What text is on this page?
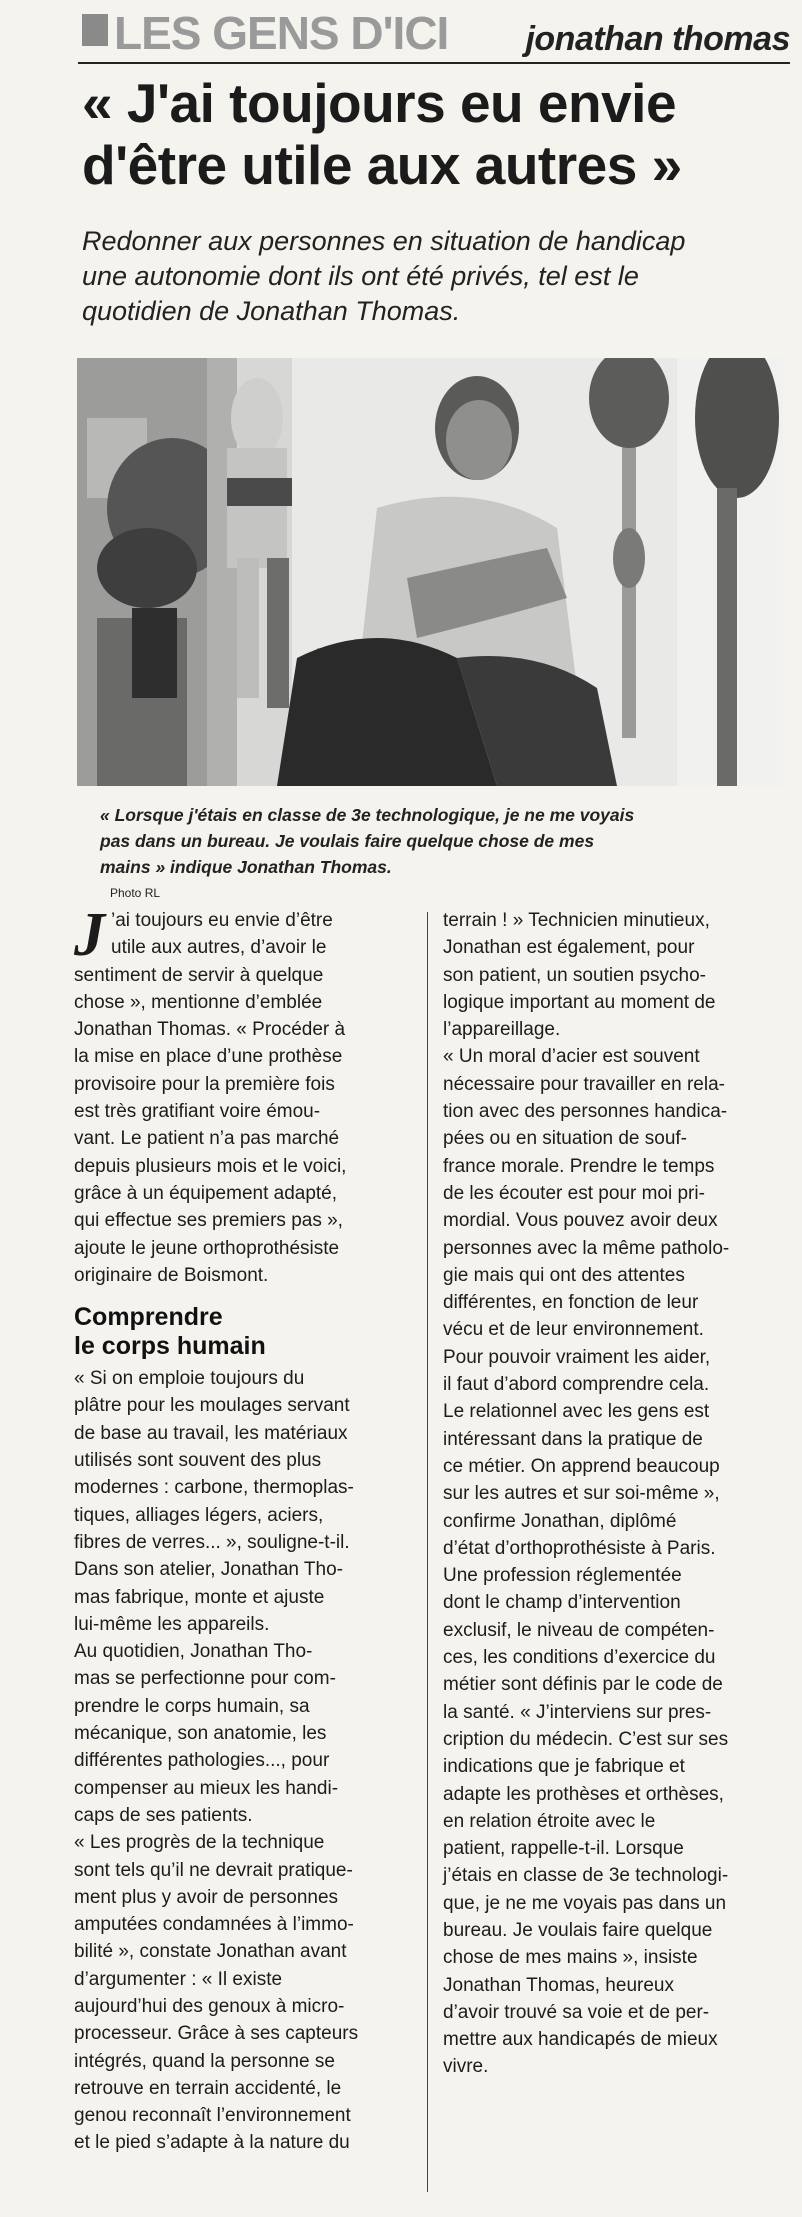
LES GENS D'ICI jonathan thomas
« J'ai toujours eu envie
d'être utile aux autres »
Redonner aux personnes en situation de handicap
une autonomie dont ils ont été privés, tel est le
quotidien de Jonathan Thomas.
« Lorsque j'étais en classe de 3e technologique, je ne me voyais
pas dans un bureau. Je voulais faire quelque chose de mes
mains » indique Jonathan Thomas.
Photo RL

J ’ai toujours eu envie d’être
utile aux autres, d’avoir le
sentiment de servir à quelque
chose », mentionne d’emblée
Jonathan Thomas. « Procéder à
la mise en place d’une prothèse
provisoire pour la première fois
est très gratifiant voire émou-
vant. Le patient n’a pas marché
depuis plusieurs mois et le voici,
grâce à un équipement adapté,
qui effectue ses premiers pas »,
ajoute le jeune orthoprothésiste
originaire de Boismont.

Comprendre
le corps humain

« Si on emploie toujours du
plâtre pour les moulages servant
de base au travail, les matériaux
utilisés sont souvent des plus
modernes : carbone, thermoplas-
tiques, alliages légers, aciers,
fibres de verres... », souligne-t-il.
Dans son atelier, Jonathan Tho-
mas fabrique, monte et ajuste
lui-même les appareils.

Au quotidien, Jonathan Tho-
mas se perfectionne pour com-
prendre le corps humain, sa
mécanique, son anatomie, les
différentes pathologies..., pour
compenser au mieux les handi-
caps de ses patients.

« Les progrès de la technique
sont tels qu’il ne devrait pratique-
ment plus y avoir de personnes
amputées condamnées à l’immo-
bilité », constate Jonathan avant
d’argumenter : « Il existe
aujourd’hui des genoux à micro-
processeur. Grâce à ses capteurs
intégrés, quand la personne se
retrouve en terrain accidenté, le
genou reconnaît l’environnement
et le pied s’adapte à la nature du

terrain ! » Technicien minutieux,
Jonathan est également, pour
son patient, un soutien psycho-
logique important au moment de
l’appareillage.

« Un moral d’acier est souvent
nécessaire pour travailler en rela-
tion avec des personnes handica-
pées ou en situation de souf-
france morale. Prendre le temps
de les écouter est pour moi pri-
mordial. Vous pouvez avoir deux
personnes avec la même patholo-
gie mais qui ont des attentes
différentes, en fonction de leur
vécu et de leur environnement.
Pour pouvoir vraiment les aider,
il faut d’abord comprendre cela.
Le relationnel avec les gens est
intéressant dans la pratique de
ce métier. On apprend beaucoup
sur les autres et sur soi-même »,
confirme Jonathan, diplômé
d’état d’orthoprothésiste à Paris.
Une profession réglementée
dont le champ d’intervention
exclusif, le niveau de compéten-
ces, les conditions d’exercice du
métier sont définis par le code de
la santé. « J’interviens sur pres-
cription du médecin. C’est sur ses
indications que je fabrique et
adapte les prothèses et orthèses,
en relation étroite avec le
patient, rappelle-t-il. Lorsque
j’étais en classe de 3e technologi-
que, je ne me voyais pas dans un
bureau. Je voulais faire quelque
chose de mes mains », insiste
Jonathan Thomas, heureux
d’avoir trouvé sa voie et de per-
mettre aux handicapés de mieux
vivre.
